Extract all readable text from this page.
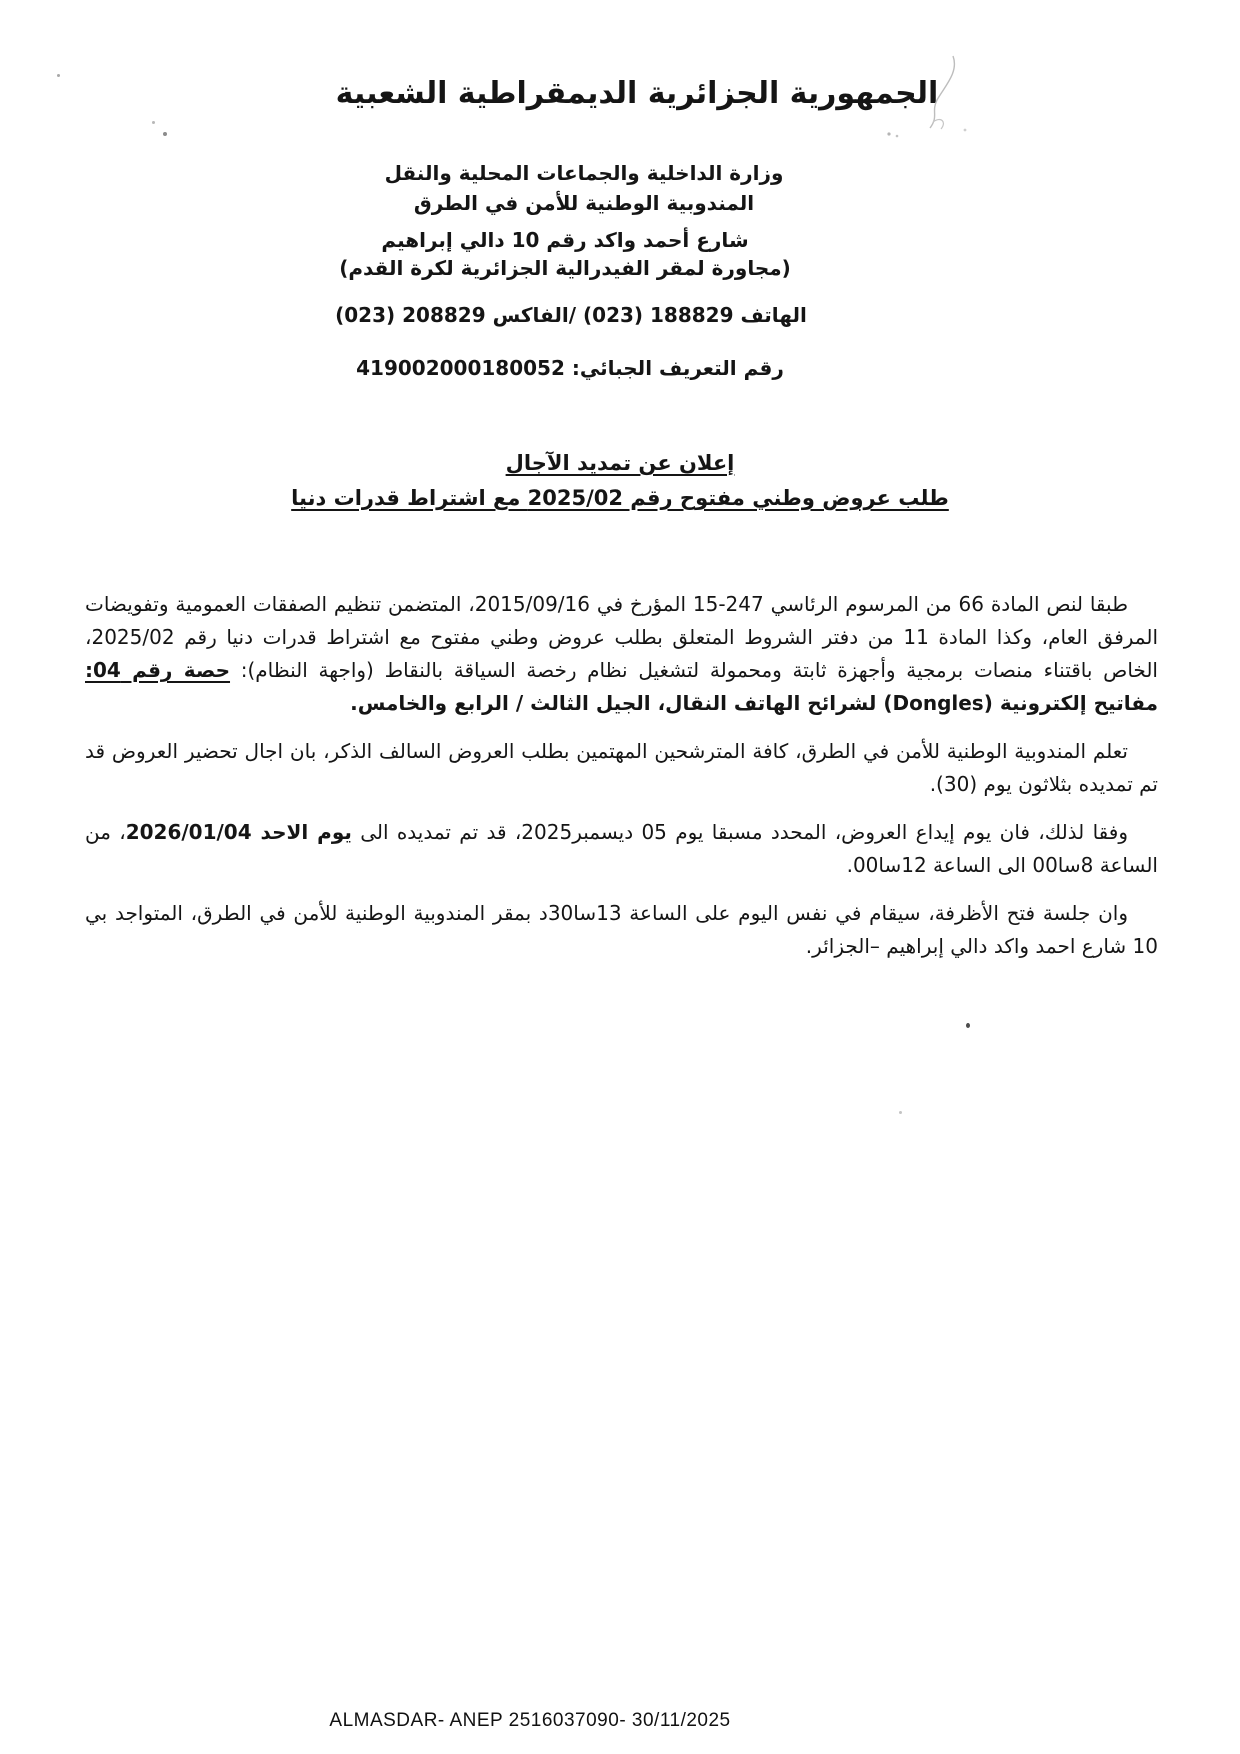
الجمهورية الجزائرية الديمقراطية الشعبية
وزارة الداخلية والجماعات المحلية والنقل
المندوبية الوطنية للأمن في الطرق
شارع أحمد واكد رقم 10 دالي إبراهيم
(مجاورة لمقر الفيدرالية الجزائرية لكرة القدم)
الهاتف 188829 (023) /الفاكس 208829 (023)
رقم التعريف الجبائي: 419002000180052
إعلان عن تمديد الآجال
طلب عروض وطني مفتوح رقم 2025/02 مع اشتراط قدرات دنيا

طبقا لنص المادة 66 من المرسوم الرئاسي 247-15 المؤرخ في 2015/09/16، المتضمن تنظيم الصفقات العمومية وتفويضات المرفق العام، وكذا المادة 11 من دفتر الشروط المتعلق بطلب عروض وطني مفتوح مع اشتراط قدرات دنيا رقم 2025/02، الخاص باقتناء منصات برمجية وأجهزة ثابتة ومحمولة لتشغيل نظام رخصة السياقة بالنقاط (واجهة النظام): حصة رقم 04: مفاتيح إلكترونية (Dongles) لشرائح الهاتف النقال، الجيل الثالث / الرابع والخامس.

تعلم المندوبية الوطنية للأمن في الطرق، كافة المترشحين المهتمين بطلب العروض السالف الذكر، بان اجال تحضير العروض قد تم تمديده بثلاثون يوم (30).

وفقا لذلك، فان يوم إيداع العروض، المحدد مسبقا يوم 05 ديسمبر2025، قد تم تمديده الى يوم الاحد 2026/01/04، من الساعة 8سا00 الى الساعة 12سا00.

وان جلسة فتح الأظرفة، سيقام في نفس اليوم على الساعة 13سا30د بمقر المندوبية الوطنية للأمن في الطرق، المتواجد بي 10 شارع احمد واكد دالي إبراهيم –الجزائر.

ALMASDAR- ANEP 2516037090- 30/11/2025
